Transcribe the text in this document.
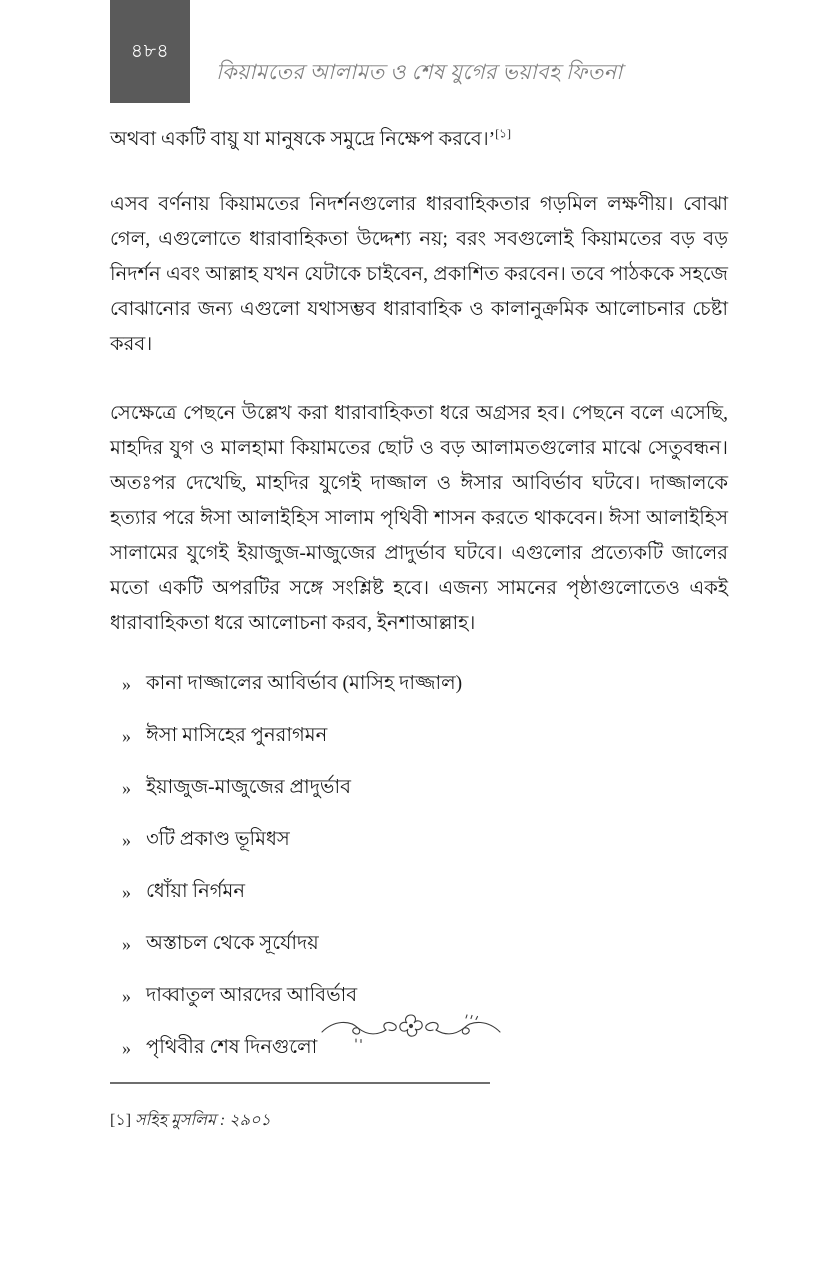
৪৮৪
কিয়ামতের আলামত ও শেষ যুগের ভয়াবহ ফিতনা

অথবা একটি বায়ু যা মানুষকে সমুদ্রে নিক্ষেপ করবে।’[১]

এসব বর্ণনায় কিয়ামতের নিদর্শনগুলোর ধারবাহিকতার গড়মিল লক্ষণীয়। বোঝা গেল, এগুলোতে ধারাবাহিকতা উদ্দেশ্য নয়; বরং সবগুলোই কিয়ামতের বড় বড় নিদর্শন এবং আল্লাহ যখন যেটাকে চাইবেন, প্রকাশিত করবেন। তবে পাঠককে সহজে বোঝানোর জন্য এগুলো যথাসম্ভব ধারাবাহিক ও কালানুক্রমিক আলোচনার চেষ্টা করব।

সেক্ষেত্রে পেছনে উল্লেখ করা ধারাবাহিকতা ধরে অগ্রসর হব। পেছনে বলে এসেছি, মাহদির যুগ ও মালহামা কিয়ামতের ছোট ও বড় আলামতগুলোর মাঝে সেতুবন্ধন। অতঃপর দেখেছি, মাহদির যুগেই দাজ্জাল ও ঈসার আবির্ভাব ঘটবে। দাজ্জালকে হত্যার পরে ঈসা আলাইহিস সালাম পৃথিবী শাসন করতে থাকবেন। ঈসা আলাইহিস সালামের যুগেই ইয়াজুজ-মাজুজের প্রাদুর্ভাব ঘটবে। এগুলোর প্রত্যেকটি জালের মতো একটি অপরটির সঙ্গে সংশ্লিষ্ট হবে। এজন্য সামনের পৃষ্ঠাগুলোতেও একই ধারাবাহিকতা ধরে আলোচনা করব, ইনশাআল্লাহ।

» কানা দাজ্জালের আবির্ভাব (মাসিহ দাজ্জাল)
» ঈসা মাসিহের পুনরাগমন
» ইয়াজুজ-মাজুজের প্রাদুর্ভাব
» ৩টি প্রকাণ্ড ভূমিধস
» ধোঁয়া নির্গমন
» অস্তাচল থেকে সূর্যোদয়
» দাব্বাতুল আরদের আবির্ভাব
» পৃথিবীর শেষ দিনগুলো
[১] সহিহ মুসলিম : ২৯০১
